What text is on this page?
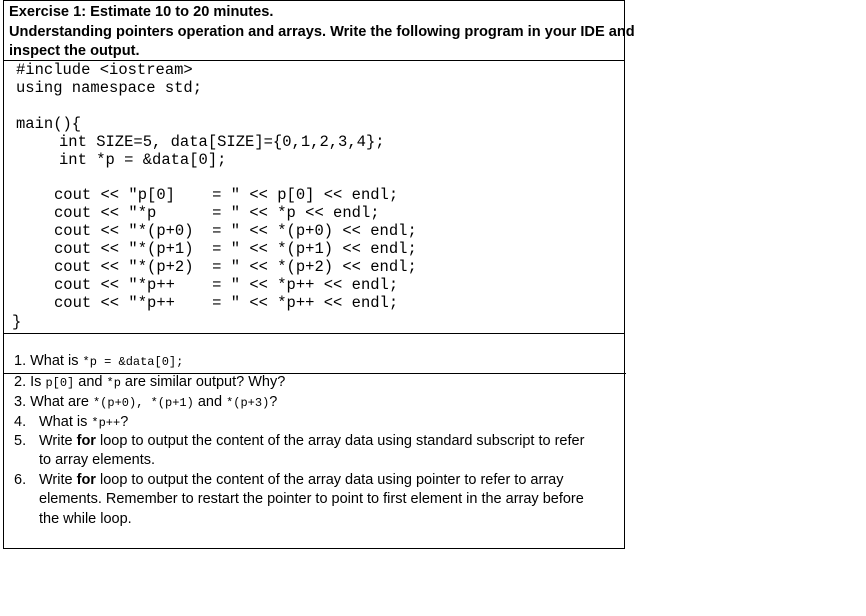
Exercise 1: Estimate 10 to 20 minutes.
Understanding pointers operation and arrays. Write the following program in your IDE and
inspect the output.
#include <iostream>
using namespace std;
main(){
int SIZE=5, data[SIZE]={0,1,2,3,4};
int *p = &data[0];
cout << "p[0]    = " << p[0] << endl;
cout << "*p      = " << *p << endl;
cout << "*(p+0)  = " << *(p+0) << endl;
cout << "*(p+1)  = " << *(p+1) << endl;
cout << "*(p+2)  = " << *(p+2) << endl;
cout << "*p++    = " << *p++ << endl;
cout << "*p++    = " << *p++ << endl;
}
1. What is *p = &data[0];
2. Is p[0] and *p are similar output? Why?
3. What are *(p+0), *(p+1) and *(p+3)?
4. What is *p++?
5. Write for loop to output the content of the array data using standard subscript to refer
to array elements.
6. Write for loop to output the content of the array data using pointer to refer to array
elements. Remember to restart the pointer to point to first element in the array before
the while loop.
